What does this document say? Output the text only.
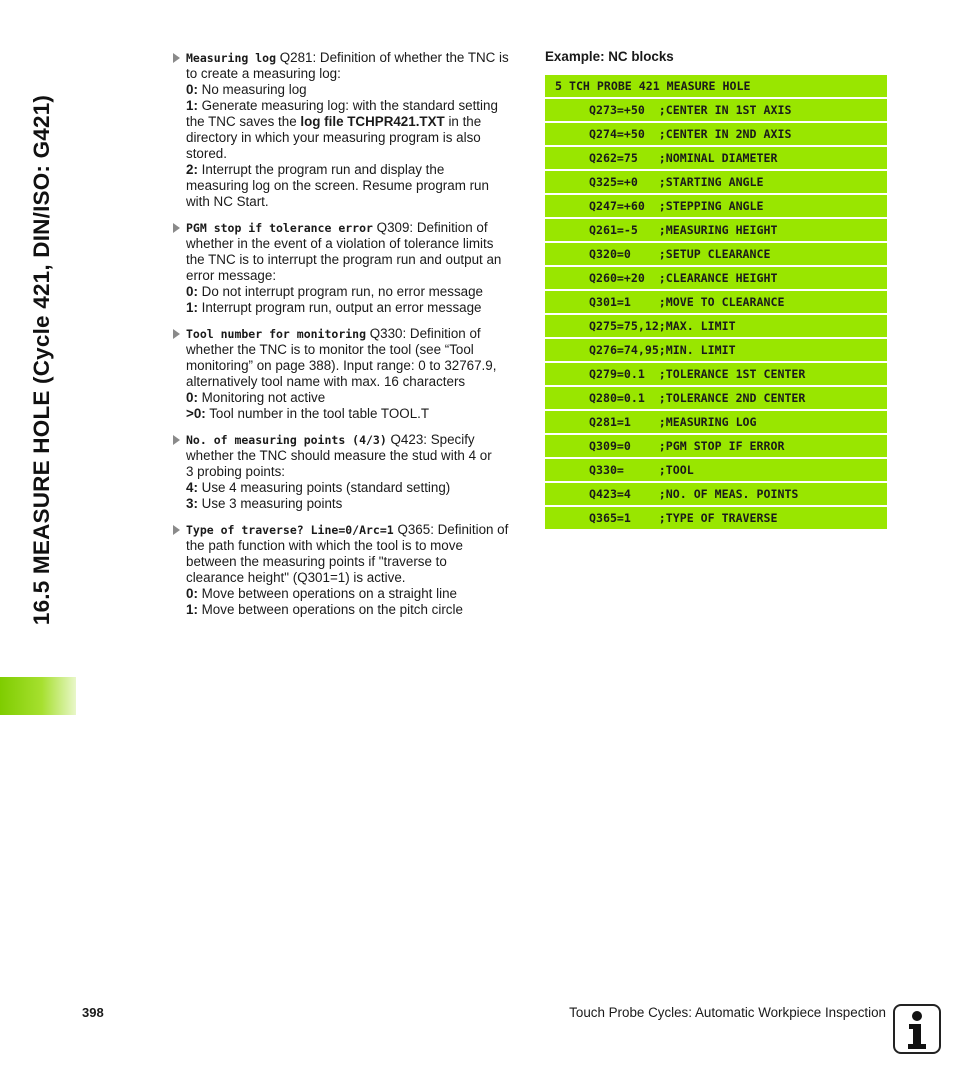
16.5 MEASURE HOLE (Cycle 421, DIN/ISO: G421)
Measuring log Q281: Definition of whether the TNC is
to create a measuring log:
0: No measuring log
1: Generate measuring log: with the standard setting
the TNC saves the log file TCHPR421.TXT in the
directory in which your measuring program is also
stored.
2: Interrupt the program run and display the
measuring log on the screen. Resume program run
with NC Start.
PGM stop if tolerance error Q309: Definition of
whether in the event of a violation of tolerance limits
the TNC is to interrupt the program run and output an
error message:
0: Do not interrupt program run, no error message
1: Interrupt program run, output an error message
Tool number for monitoring Q330: Definition of
whether the TNC is to monitor the tool (see “Tool
monitoring” on page 388). Input range: 0 to 32767.9,
alternatively tool name with max. 16 characters
0: Monitoring not active
>0: Tool number in the tool table TOOL.T
No. of measuring points (4/3) Q423: Specify
whether the TNC should measure the stud with 4 or
3 probing points:
4: Use 4 measuring points (standard setting)
3: Use 3 measuring points
Type of traverse? Line=0/Arc=1 Q365: Definition of
the path function with which the tool is to move
between the measuring points if "traverse to
clearance height" (Q301=1) is active.
0: Move between operations on a straight line
1: Move between operations on the pitch circle
Example: NC blocks
5 TCH PROBE 421 MEASURE HOLE
Q273=+50  ;CENTER IN 1ST AXIS
Q274=+50  ;CENTER IN 2ND AXIS
Q262=75   ;NOMINAL DIAMETER
Q325=+0   ;STARTING ANGLE
Q247=+60  ;STEPPING ANGLE
Q261=-5   ;MEASURING HEIGHT
Q320=0    ;SETUP CLEARANCE
Q260=+20  ;CLEARANCE HEIGHT
Q301=1    ;MOVE TO CLEARANCE
Q275=75,12;MAX. LIMIT
Q276=74,95;MIN. LIMIT
Q279=0.1  ;TOLERANCE 1ST CENTER
Q280=0.1  ;TOLERANCE 2ND CENTER
Q281=1    ;MEASURING LOG
Q309=0    ;PGM STOP IF ERROR
Q330=     ;TOOL
Q423=4    ;NO. OF MEAS. POINTS
Q365=1    ;TYPE OF TRAVERSE
398	Touch Probe Cycles: Automatic Workpiece Inspection
